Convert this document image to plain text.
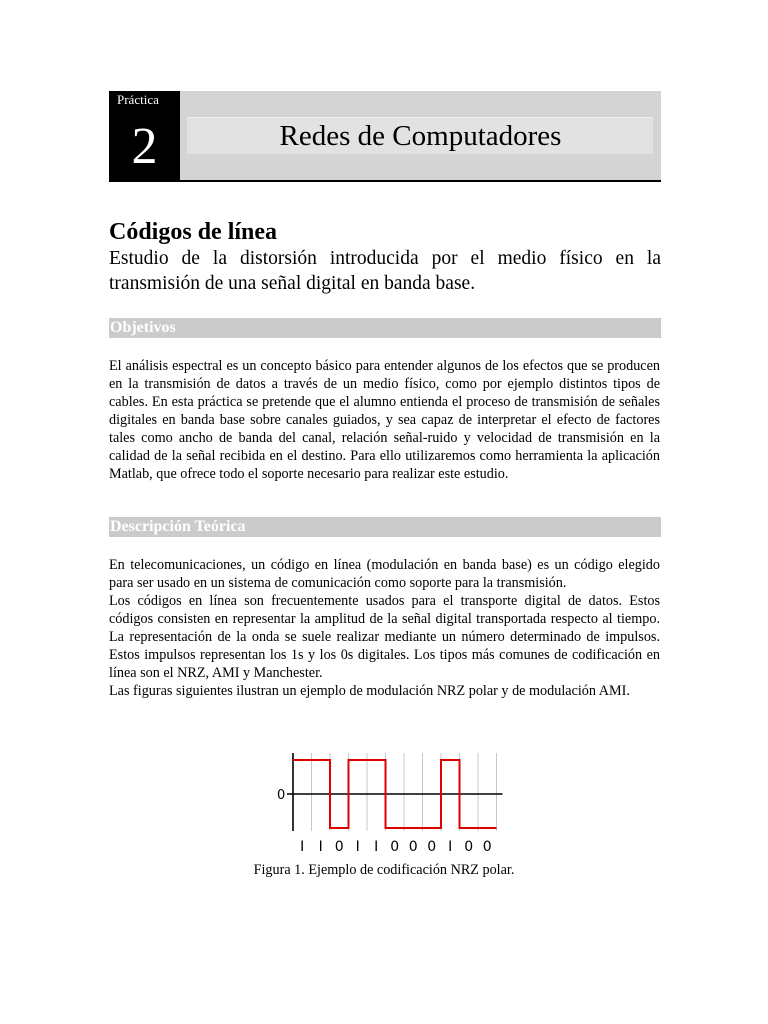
Práctica
2	Redes de Computadores
Códigos de línea

Estudio de la distorsión introducida por el medio físico en la transmisión de una señal digital en banda base.

Objetivos

El análisis espectral es un concepto básico para entender algunos de los efectos que se producen en la transmisión de datos a través de un medio físico, como por ejemplo distintos tipos de cables. En esta práctica se pretende que el alumno entienda el proceso de transmisión de señales digitales en banda base sobre canales guiados, y sea capaz de interpretar el efecto de factores tales como ancho de banda del canal, relación señal-ruido y velocidad de transmisión en la calidad de la señal recibida en el destino. Para ello utilizaremos como herramienta la aplicación Matlab, que ofrece todo el soporte necesario para realizar este estudio.

Descripción Teórica

En telecomunicaciones, un código en línea (modulación en banda base) es un código elegido para ser usado en un sistema de comunicación como soporte para la transmisión.

Los códigos en línea son frecuentemente usados para el transporte digital de datos. Estos códigos consisten en representar la amplitud de la señal digital transportada respecto al tiempo. La representación de la onda se suele realizar mediante un número determinado de impulsos. Estos impulsos representan los 1s y los 0s digitales. Los tipos más comunes de codificación en línea son el NRZ, AMI y Manchester.

Las figuras siguientes ilustran un ejemplo de modulación NRZ polar y de modulación AMI.

0
I I 0 I I 0 0 0 I 0 0
Figura 1. Ejemplo de codificación NRZ polar.
